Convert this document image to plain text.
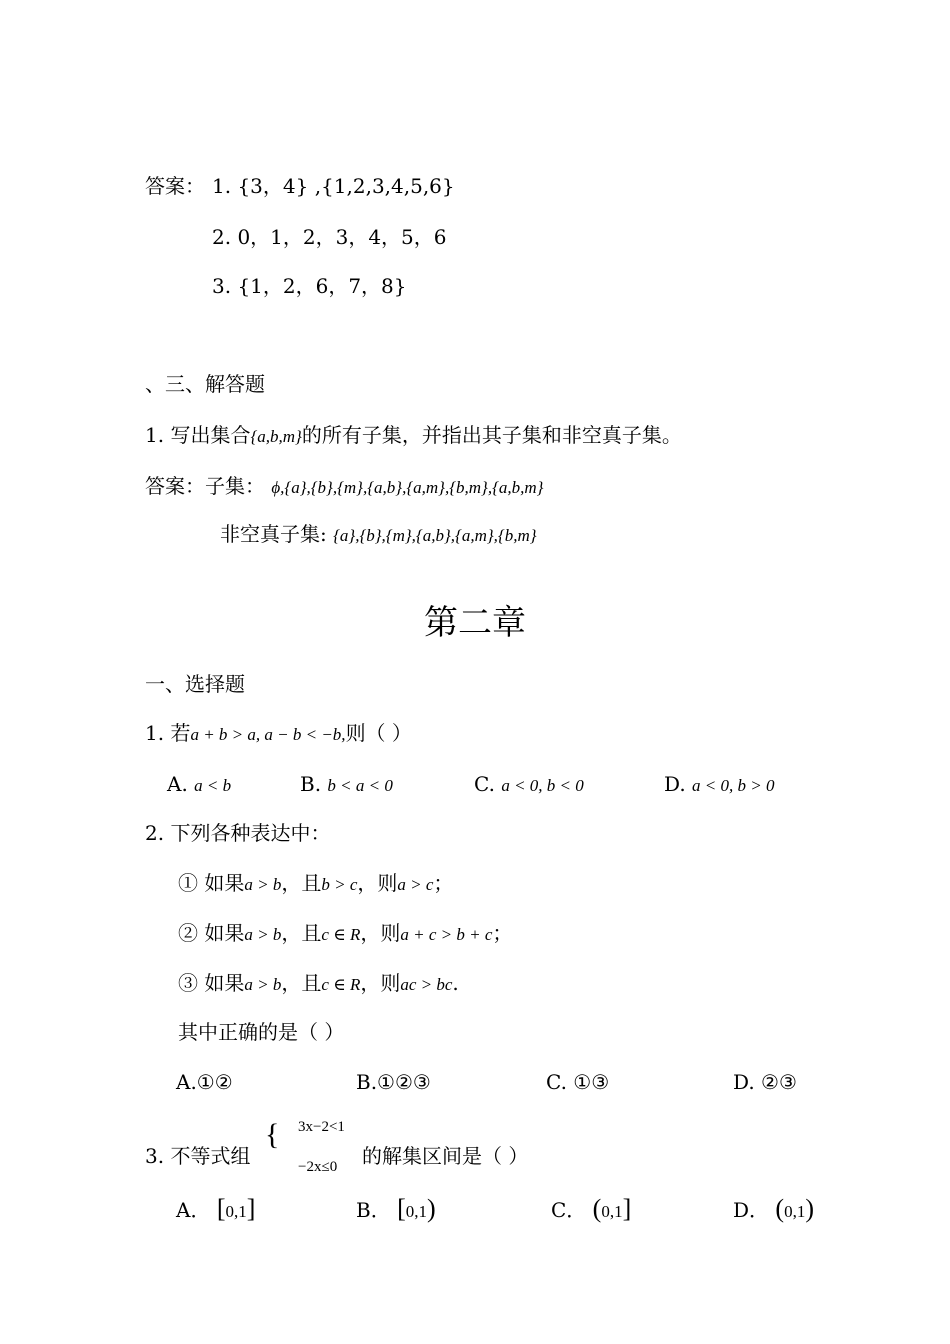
答案： 1. {3，4} ,{1,2,3,4,5,6}
2. 0，1，2，3，4，5，6
3. {1，2，6，7，8}
、三、解答题
1. 写出集合{a,b,m}的所有子集，并指出其子集和非空真子集。
答案：子集： ϕ,{a},{b},{m},{a,b},{a,m},{b,m},{a,b,m}
非空真子集: {a},{b},{m},{a,b},{a,m},{b,m}
第二章
一、选择题
1. 若a + b > a, a − b < −b,则（ ）
A. a < b	B. b < a < 0	C. a < 0, b < 0	D. a < 0, b > 0
2. 下列各种表达中：
① 如果a > b，且b > c，则a > c；
② 如果a > b，且c ∈ R，则a + c > b + c；
③ 如果a > b，且c ∈ R，则ac > bc.
其中正确的是（ ）
A.①②	B.①②③	C. ①③	D. ②③
3. 不等式组
{ 3x−2<1
−2x≤0 的解集区间是（ ）
A． [0,1]	B． [0,1)	C． (0,1]	D． (0,1)
